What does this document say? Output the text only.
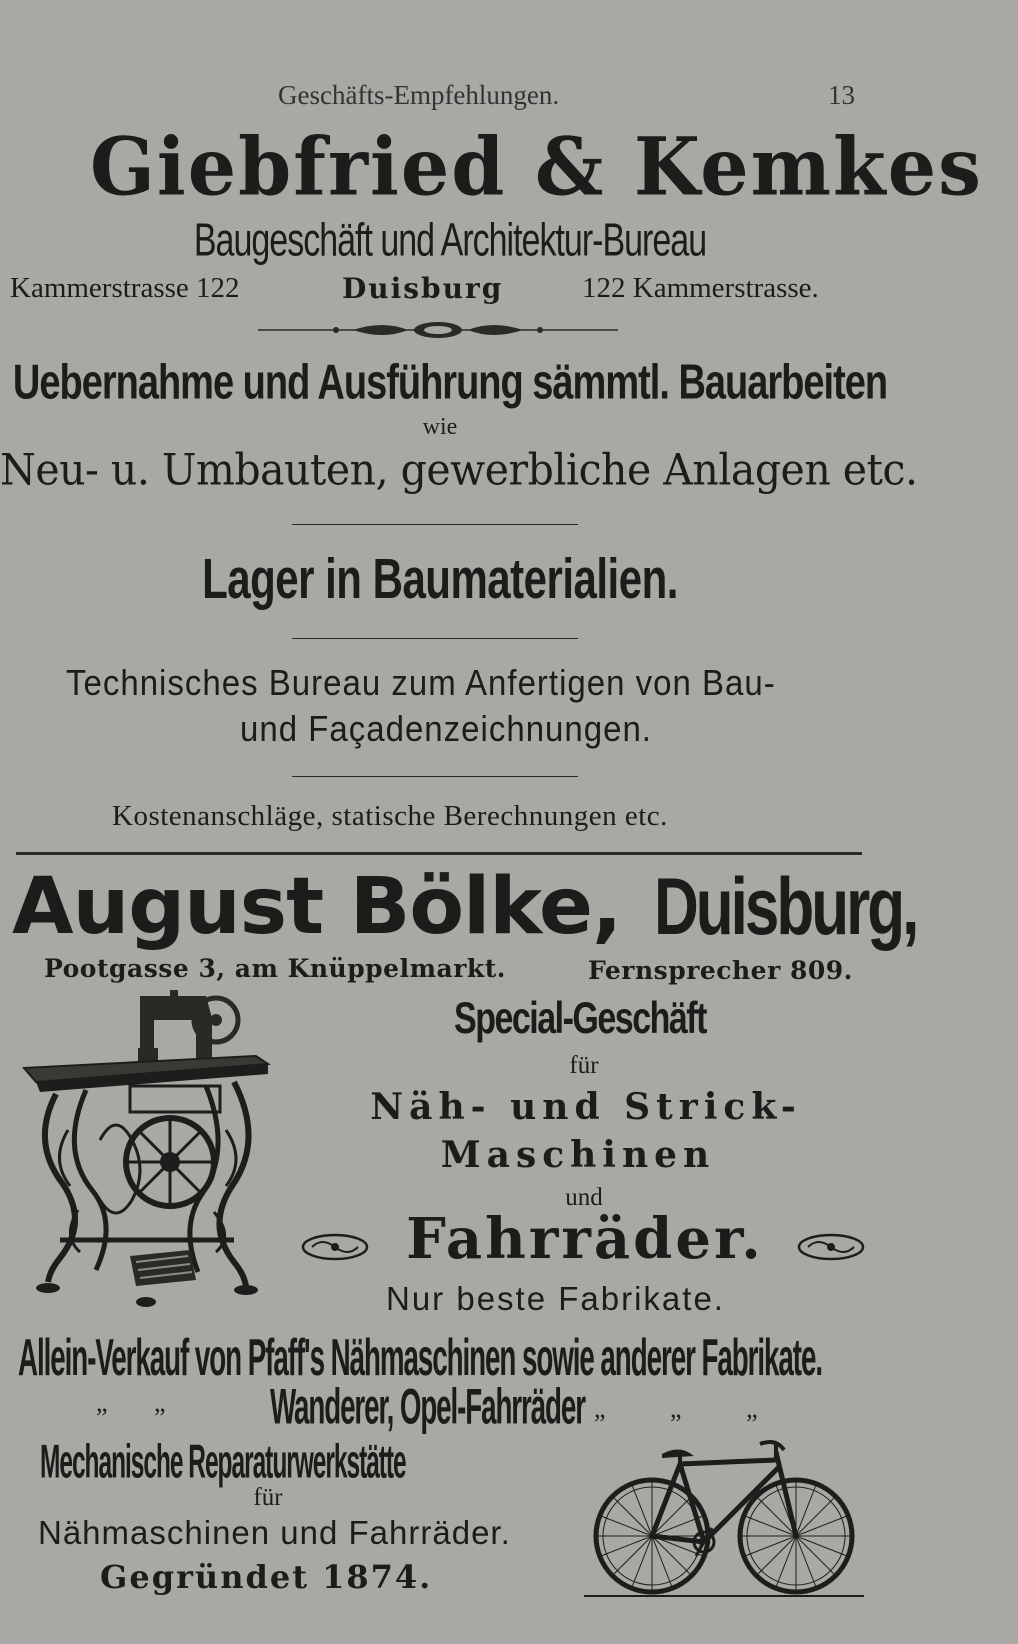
Geschäfts-Empfehlungen.	13
Giebfried & Kemkes
Baugeschäft und Architektur-Bureau
Kammerstrasse 122	Duisburg	122 Kammerstrasse.
Uebernahme und Ausführung sämmtl. Bauarbeiten
wie
Neu- u. Umbauten, gewerbliche Anlagen etc.
Lager in Baumaterialien.
Technisches Bureau zum Anfertigen von Bau-
und Façadenzeichnungen.
Kostenanschläge, statische Berechnungen etc.
August Bölke, Duisburg,
Pootgasse 3, am Knüppelmarkt.	Fernsprecher 809.
Special-Geschäft
für
Näh- und Strick-
Maschinen
und
Fahrräder.
Nur beste Fabrikate.
Allein-Verkauf von Pfaff's Nähmaschinen sowie anderer Fabrikate.
„ „	Wanderer, Opel-Fahrräder „ „ „
Mechanische Reparaturwerkstätte
für
Nähmaschinen und Fahrräder.
Gegründet 1874.
